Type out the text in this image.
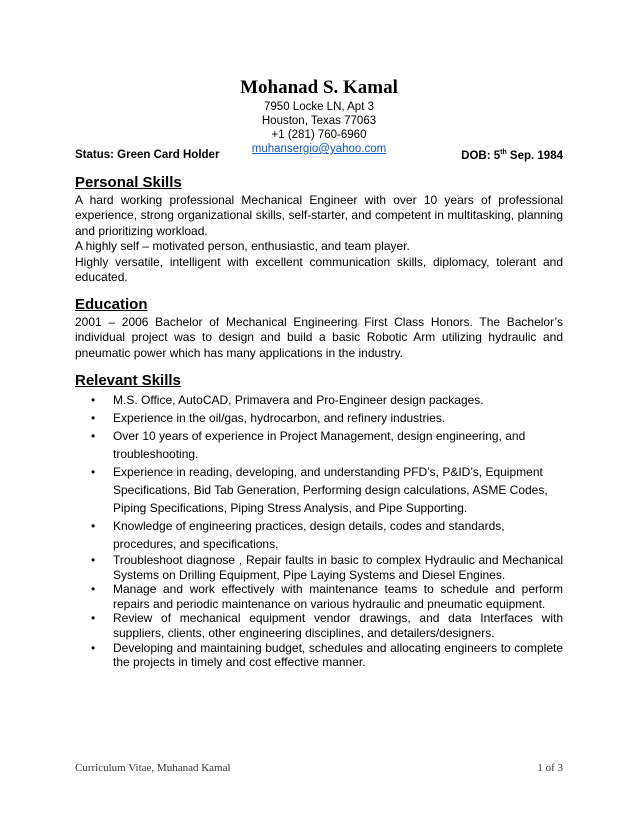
Mohanad S. Kamal
7950 Locke LN, Apt 3
Houston, Texas 77063
+1 (281) 760-6960
muhansergio@yahoo.com
Status: Green Card Holder	DOB: 5th Sep. 1984
Personal Skills

A hard working professional Mechanical Engineer with over 10 years of professional experience, strong organizational skills, self-starter, and competent in multitasking, planning and prioritizing workload.

A highly self – motivated person, enthusiastic, and team player.

Highly versatile, intelligent with excellent communication skills, diplomacy, tolerant and educated.

Education

2001 – 2006 Bachelor of Mechanical Engineering First Class Honors. The Bachelor’s individual project was to design and build a basic Robotic Arm utilizing hydraulic and pneumatic power which has many applications in the industry.

Relevant Skills
• M.S. Office, AutoCAD, Primavera and Pro-Engineer design packages.
• Experience in the oil/gas, hydrocarbon, and refinery industries.
• Over 10 years of experience in Project Management, design engineering, and troubleshooting.
• Experience in reading, developing, and understanding PFD’s, P&ID’s, Equipment Specifications, Bid Tab Generation, Performing design calculations, ASME Codes, Piping Specifications, Piping Stress Analysis, and Pipe Supporting.
• Knowledge of engineering practices, design details, codes and standards, procedures, and specifications,
• Troubleshoot diagnose , Repair faults in basic to complex Hydraulic and Mechanical Systems on Drilling Equipment, Pipe Laying Systems and Diesel Engines.
• Manage and work effectively with maintenance teams to schedule and perform repairs and periodic maintenance on various hydraulic and pneumatic equipment.
• Review of mechanical equipment vendor drawings, and data Interfaces with suppliers, clients, other engineering disciplines, and detailers/designers.
• Developing and maintaining budget, schedules and allocating engineers to complete the projects in timely and cost effective manner.
Curriculum Vitae, Muhanad Kamal	1 of 3
